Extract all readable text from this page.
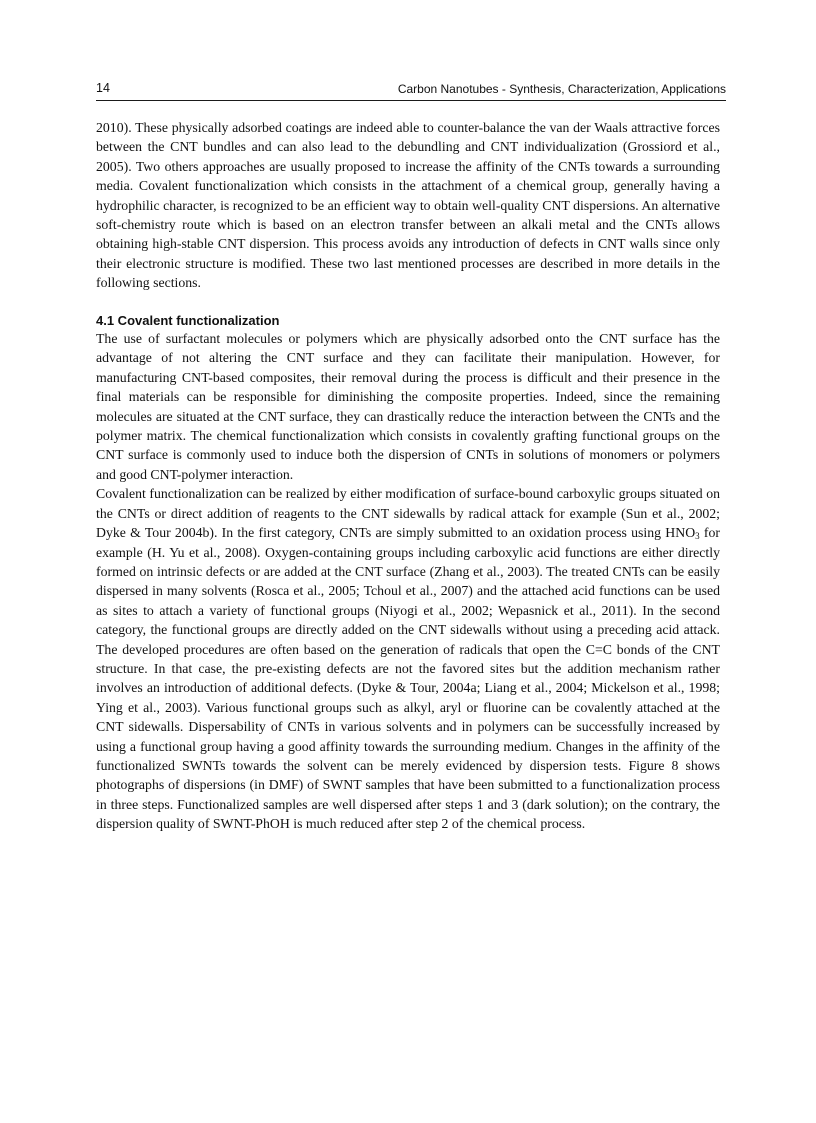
14	Carbon Nanotubes - Synthesis, Characterization, Applications

2010). These physically adsorbed coatings are indeed able to counter-balance the van der Waals attractive forces between the CNT bundles and can also lead to the debundling and CNT individualization (Grossiord et al., 2005). Two others approaches are usually proposed to increase the affinity of the CNTs towards a surrounding media. Covalent functionalization which consists in the attachment of a chemical group, generally having a hydrophilic character, is recognized to be an efficient way to obtain well-quality CNT dispersions. An alternative soft-chemistry route which is based on an electron transfer between an alkali metal and the CNTs allows obtaining high-stable CNT dispersion. This process avoids any introduction of defects in CNT walls since only their electronic structure is modified. These two last mentioned processes are described in more details in the following sections.

4.1 Covalent functionalization

The use of surfactant molecules or polymers which are physically adsorbed onto the CNT surface has the advantage of not altering the CNT surface and they can facilitate their manipulation. However, for manufacturing CNT-based composites, their removal during the process is difficult and their presence in the final materials can be responsible for diminishing the composite properties. Indeed, since the remaining molecules are situated at the CNT surface, they can drastically reduce the interaction between the CNTs and the polymer matrix. The chemical functionalization which consists in covalently grafting functional groups on the CNT surface is commonly used to induce both the dispersion of CNTs in solutions of monomers or polymers and good CNT-polymer interaction.

Covalent functionalization can be realized by either modification of surface-bound carboxylic groups situated on the CNTs or direct addition of reagents to the CNT sidewalls by radical attack for example (Sun et al., 2002; Dyke & Tour 2004b). In the first category, CNTs are simply submitted to an oxidation process using $HNO_3$ for example (H. Yu et al., 2008). Oxygen-containing groups including carboxylic acid functions are either directly formed on intrinsic defects or are added at the CNT surface (Zhang et al., 2003). The treated CNTs can be easily dispersed in many solvents (Rosca et al., 2005; Tchoul et al., 2007) and the attached acid functions can be used as sites to attach a variety of functional groups (Niyogi et al., 2002; Wepasnick et al., 2011). In the second category, the functional groups are directly added on the CNT sidewalls without using a preceding acid attack. The developed procedures are often based on the generation of radicals that open the C=C bonds of the CNT structure. In that case, the pre-existing defects are not the favored sites but the addition mechanism rather involves an introduction of additional defects. (Dyke & Tour, 2004a; Liang et al., 2004; Mickelson et al., 1998; Ying et al., 2003). Various functional groups such as alkyl, aryl or fluorine can be covalently attached at the CNT sidewalls. Dispersability of CNTs in various solvents and in polymers can be successfully increased by using a functional group having a good affinity towards the surrounding medium. Changes in the affinity of the functionalized SWNTs towards the solvent can be merely evidenced by dispersion tests. Figure 8 shows photographs of dispersions (in DMF) of SWNT samples that have been submitted to a functionalization process in three steps. Functionalized samples are well dispersed after steps 1 and 3 (dark solution); on the contrary, the dispersion quality of SWNT-PhOH is much reduced after step 2 of the chemical process.
